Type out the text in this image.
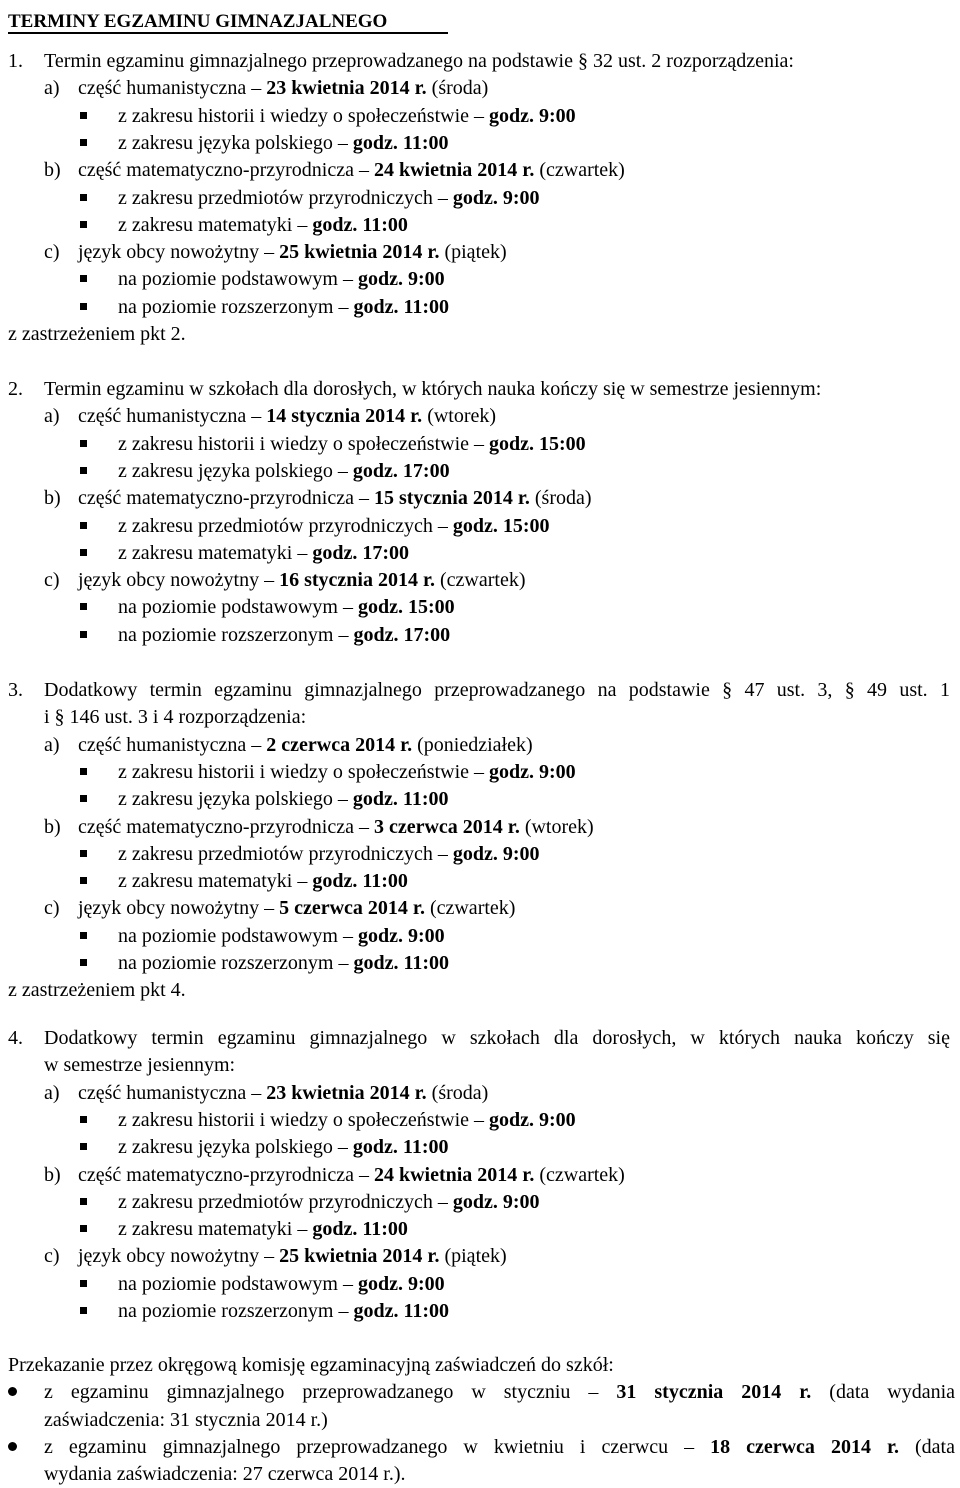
TERMINY EGZAMINU GIMNAZJALNEGO
1. Termin egzaminu gimnazjalnego przeprowadzanego na podstawie § 32 ust. 2 rozporządzenia:
a) część humanistyczna – 23 kwietnia 2014 r. (środa)
z zakresu historii i wiedzy o społeczeństwie – godz. 9:00
z zakresu języka polskiego – godz. 11:00
b) część matematyczno-przyrodnicza – 24 kwietnia 2014 r. (czwartek)
z zakresu przedmiotów przyrodniczych – godz. 9:00
z zakresu matematyki – godz. 11:00
c) język obcy nowożytny – 25 kwietnia 2014 r. (piątek)
na poziomie podstawowym – godz. 9:00
na poziomie rozszerzonym – godz. 11:00
z zastrzeżeniem pkt 2.
2. Termin egzaminu w szkołach dla dorosłych, w których nauka kończy się w semestrze jesiennym:
a) część humanistyczna – 14 stycznia 2014 r. (wtorek)
z zakresu historii i wiedzy o społeczeństwie – godz. 15:00
z zakresu języka polskiego – godz. 17:00
b) część matematyczno-przyrodnicza – 15 stycznia 2014 r. (środa)
z zakresu przedmiotów przyrodniczych – godz. 15:00
z zakresu matematyki – godz. 17:00
c) język obcy nowożytny – 16 stycznia 2014 r. (czwartek)
na poziomie podstawowym – godz. 15:00
na poziomie rozszerzonym – godz. 17:00
3. Dodatkowy termin egzaminu gimnazjalnego przeprowadzanego na podstawie § 47 ust. 3, § 49 ust. 1
i § 146 ust. 3 i 4 rozporządzenia:
a) część humanistyczna – 2 czerwca 2014 r. (poniedziałek)
z zakresu historii i wiedzy o społeczeństwie – godz. 9:00
z zakresu języka polskiego – godz. 11:00
b) część matematyczno-przyrodnicza – 3 czerwca 2014 r. (wtorek)
z zakresu przedmiotów przyrodniczych – godz. 9:00
z zakresu matematyki – godz. 11:00
c) język obcy nowożytny – 5 czerwca 2014 r. (czwartek)
na poziomie podstawowym – godz. 9:00
na poziomie rozszerzonym – godz. 11:00
z zastrzeżeniem pkt 4.
4. Dodatkowy termin egzaminu gimnazjalnego w szkołach dla dorosłych, w których nauka kończy się
w semestrze jesiennym:
a) część humanistyczna – 23 kwietnia 2014 r. (środa)
z zakresu historii i wiedzy o społeczeństwie – godz. 9:00
z zakresu języka polskiego – godz. 11:00
b) część matematyczno-przyrodnicza – 24 kwietnia 2014 r. (czwartek)
z zakresu przedmiotów przyrodniczych – godz. 9:00
z zakresu matematyki – godz. 11:00
c) język obcy nowożytny – 25 kwietnia 2014 r. (piątek)
na poziomie podstawowym – godz. 9:00
na poziomie rozszerzonym – godz. 11:00
Przekazanie przez okręgową komisję egzaminacyjną zaświadczeń do szkół:
z egzaminu gimnazjalnego przeprowadzanego w styczniu – 31 stycznia 2014 r. (data wydania
zaświadczenia: 31 stycznia 2014 r.)
z egzaminu gimnazjalnego przeprowadzanego w kwietniu i czerwcu – 18 czerwca 2014 r. (data
wydania zaświadczenia: 27 czerwca 2014 r.).
